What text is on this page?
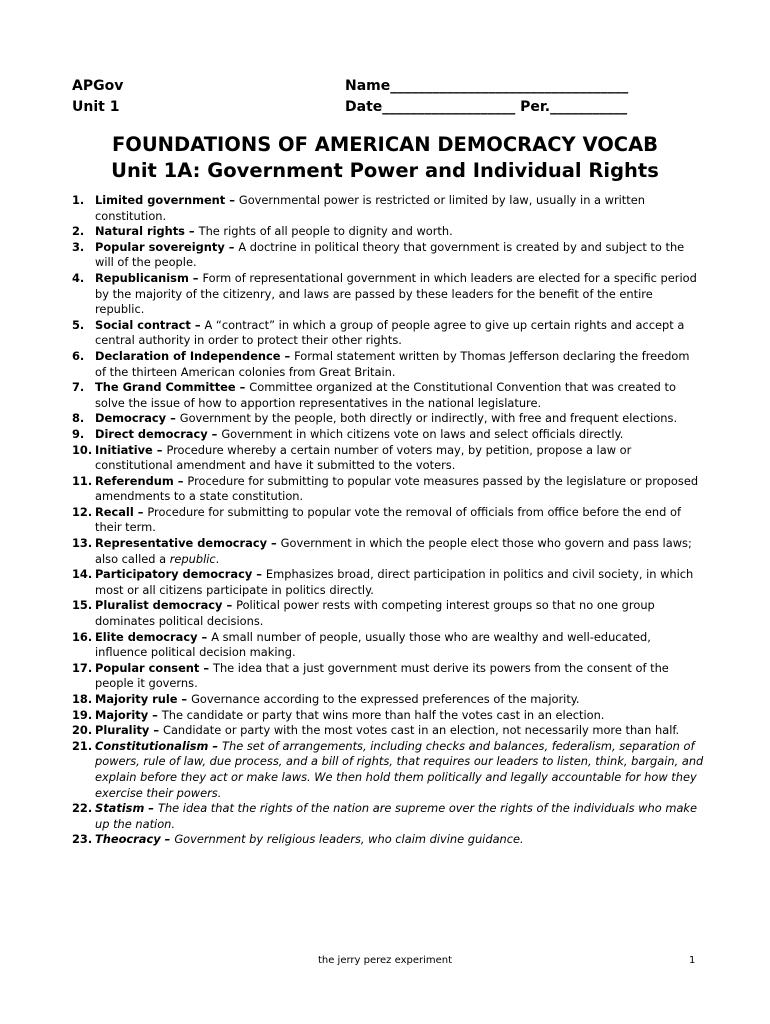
APGov
Unit 1
Name__________________________________
Date___________________ Per.___________
FOUNDATIONS OF AMERICAN DEMOCRACY VOCAB
Unit 1A: Government Power and Individual Rights
1. Limited government – Governmental power is restricted or limited by law, usually in a written constitution.
2. Natural rights – The rights of all people to dignity and worth.
3. Popular sovereignty – A doctrine in political theory that government is created by and subject to the will of the people.
4. Republicanism – Form of representational government in which leaders are elected for a specific period by the majority of the citizenry, and laws are passed by these leaders for the benefit of the entire republic.
5. Social contract – A “contract” in which a group of people agree to give up certain rights and accept a central authority in order to protect their other rights.
6. Declaration of Independence – Formal statement written by Thomas Jefferson declaring the freedom of the thirteen American colonies from Great Britain.
7. The Grand Committee – Committee organized at the Constitutional Convention that was created to solve the issue of how to apportion representatives in the national legislature.
8. Democracy – Government by the people, both directly or indirectly, with free and frequent elections.
9. Direct democracy – Government in which citizens vote on laws and select officials directly.
10. Initiative – Procedure whereby a certain number of voters may, by petition, propose a law or constitutional amendment and have it submitted to the voters.
11. Referendum – Procedure for submitting to popular vote measures passed by the legislature or proposed amendments to a state constitution.
12. Recall – Procedure for submitting to popular vote the removal of officials from office before the end of their term.
13. Representative democracy – Government in which the people elect those who govern and pass laws; also called a republic.
14. Participatory democracy – Emphasizes broad, direct participation in politics and civil society, in which most or all citizens participate in politics directly.
15. Pluralist democracy – Political power rests with competing interest groups so that no one group dominates political decisions.
16. Elite democracy – A small number of people, usually those who are wealthy and well-educated, influence political decision making.
17. Popular consent – The idea that a just government must derive its powers from the consent of the people it governs.
18. Majority rule – Governance according to the expressed preferences of the majority.
19. Majority – The candidate or party that wins more than half the votes cast in an election.
20. Plurality – Candidate or party with the most votes cast in an election, not necessarily more than half.
21. Constitutionalism – The set of arrangements, including checks and balances, federalism, separation of powers, rule of law, due process, and a bill of rights, that requires our leaders to listen, think, bargain, and explain before they act or make laws. We then hold them politically and legally accountable for how they exercise their powers.
22. Statism – The idea that the rights of the nation are supreme over the rights of the individuals who make up the nation.
23. Theocracy – Government by religious leaders, who claim divine guidance.
the jerry perez experiment	1
